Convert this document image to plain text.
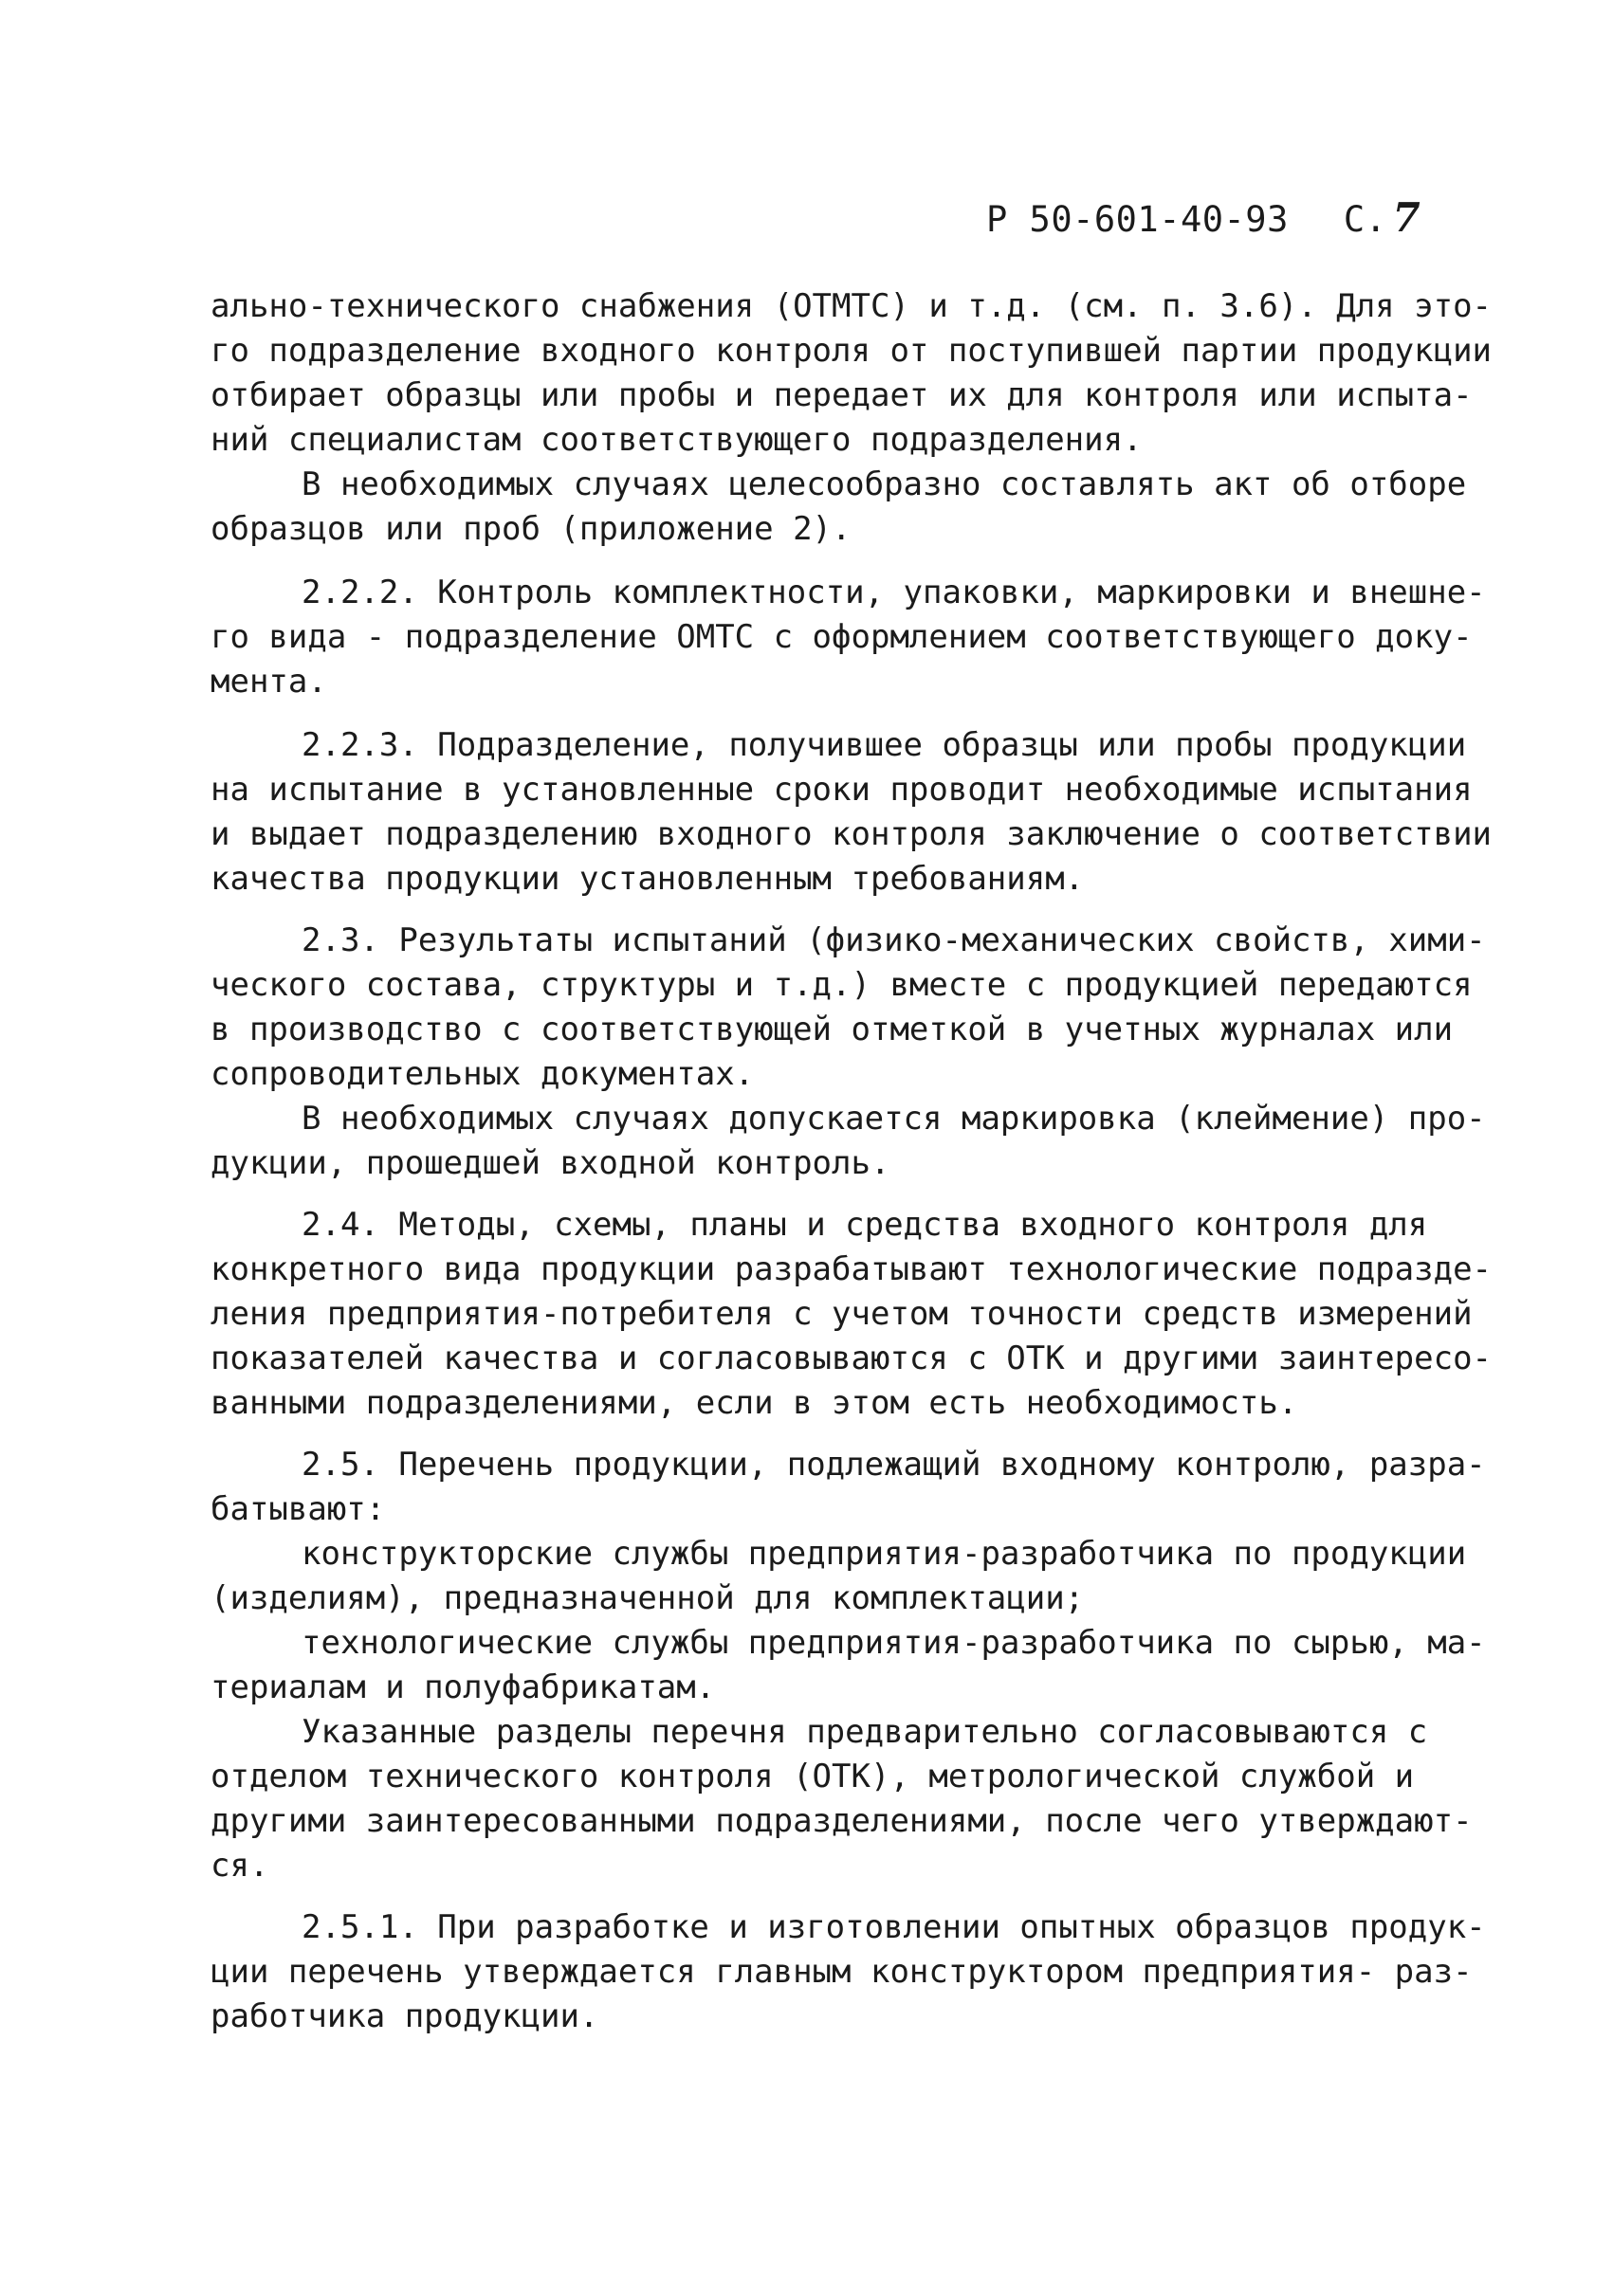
Р 50-601-40-93 С. 7
ально-технического снабжения (ОТМТС) и т.д. (см. п. 3.6). Для это-
го подразделение входного контроля от поступившей партии продукции
отбирает образцы или пробы и передает их для контроля или испыта-
ний специалистам соответствующего подразделения.
В необходимых случаях целесообразно составлять акт об отборе
образцов или проб (приложение 2).
2.2.2. Контроль комплектности, упаковки, маркировки и внешне-
го вида - подразделение ОМТС с оформлением соответствующего доку-
мента.
2.2.3. Подразделение, получившее образцы или пробы продукции
на испытание в установленные сроки проводит необходимые испытания
и выдает подразделению входного контроля заключение о соответствии
качества продукции установленным требованиям.
2.3. Результаты испытаний (физико-механических свойств, хими-
ческого состава, структуры и т.д.) вместе с продукцией передаются
в производство с соответствующей отметкой в учетных журналах или
сопроводительных документах.
В необходимых случаях допускается маркировка (клеймение) про-
дукции, прошедшей входной контроль.
2.4. Методы, схемы, планы и средства входного контроля для
конкретного вида продукции разрабатывают технологические подразде-
ления предприятия-потребителя с учетом точности средств измерений
показателей качества и согласовываются с ОТК и другими заинтересо-
ванными подразделениями, если в этом есть необходимость.
2.5. Перечень продукции, подлежащий входному контролю, разра-
батывают:
конструкторские службы предприятия-разработчика по продукции
(изделиям), предназначенной для комплектации;
технологические службы предприятия-разработчика по сырью, ма-
териалам и полуфабрикатам.
Указанные разделы перечня предварительно согласовываются с
отделом технического контроля (ОТК), метрологической службой и
другими заинтересованными подразделениями, после чего утверждают-
ся.
2.5.1. При разработке и изготовлении опытных образцов продук-
ции перечень утверждается главным конструктором предприятия- раз-
работчика продукции.
